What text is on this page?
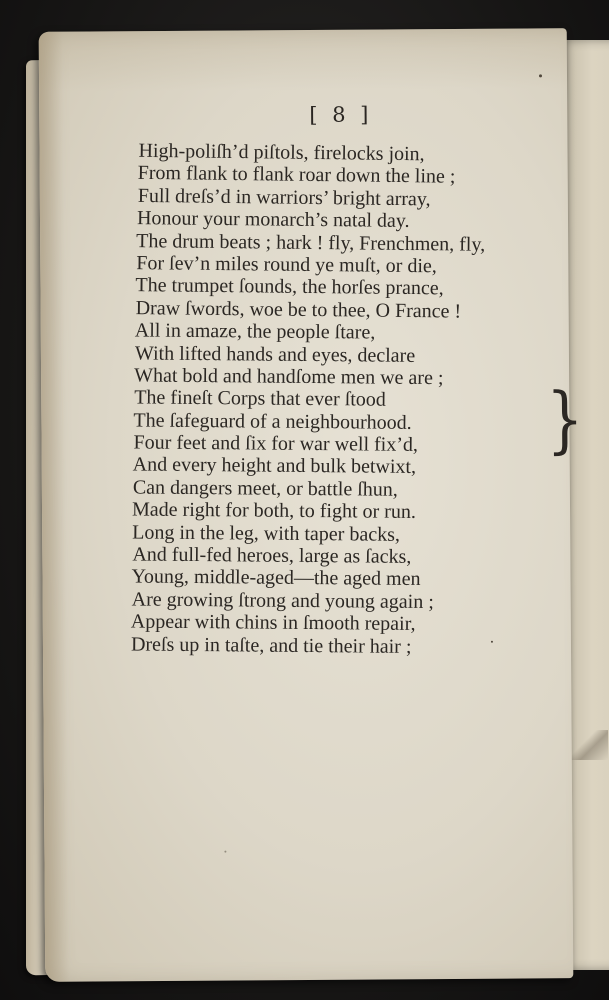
[ 8 ]
High-poliſh’d piſtols, firelocks join,
From flank to flank roar down the line ;
Full dreſs’d in warriors’ bright array,
Honour your monarch’s natal day.
The drum beats ; hark ! fly, Frenchmen, fly,
For ſev’n miles round ye muſt, or die,
The trumpet ſounds, the horſes prance,
Draw ſwords, woe be to thee, O France !
All in amaze, the people ſtare,
With lifted hands and eyes, declare
What bold and handſome men we are ;
The fineſt Corps that ever ſtood
The ſafeguard of a neighbourhood.
Four feet and ſix for war well fix’d,
And every height and bulk betwixt,
Can dangers meet, or battle ſhun,
Made right for both, to fight or run.
Long in the leg, with taper backs,
And full-fed heroes, large as ſacks,
Young, middle-aged—the aged men
Are growing ſtrong and young again ;
Appear with chins in ſmooth repair,
Dreſs up in taſte, and tie their hair ;
}
